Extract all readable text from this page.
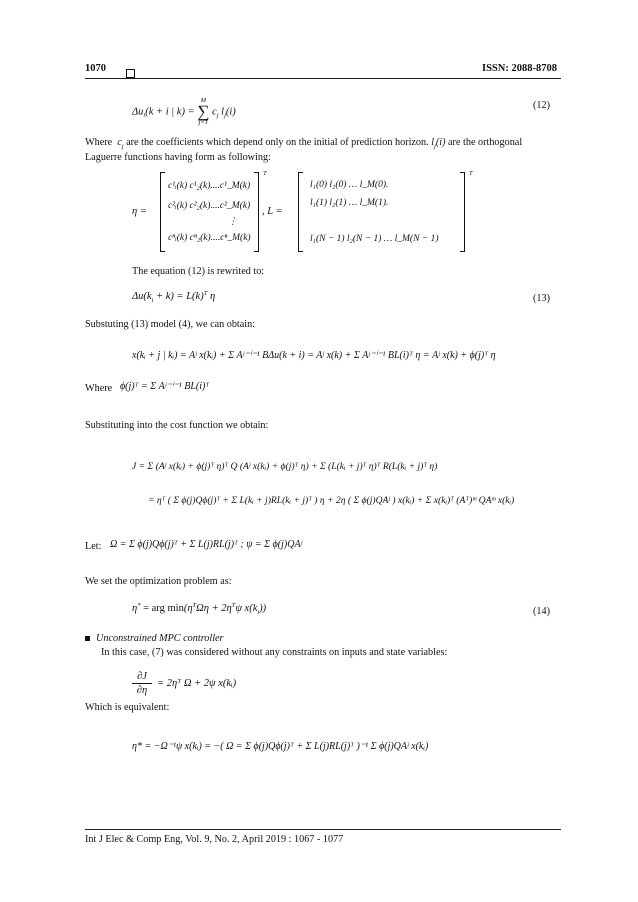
1070	ISSN: 2088-8708
$\Delta u_i(k + i$ | k) =
M
∑
j=1
$c_j$ $l_j(i)$
(12)
Where $c_j$ are the coefficients which depend only on the initial of prediction horizon. $l_j(i)$ are the orthogonal
Laguerre functions having form as following:
η =
c¹ᵢ(k) c¹₂(k)....c¹_M(k)
c²ᵢ(k) c²₂(k)....c²_M(k)
⋮
cⁿᵢ(k) cⁿ₂(k)....cⁿ_M(k)
T
, L =
l₁(0) l₂(0) … l_M(0).
l₁(1) l₂(1) … l_M(1).
l₁(N − 1) l₂(N − 1) … l_M(N − 1)
T
The equation (12) is rewrited to:
$\Delta u(k_i + k) = L(k)^T$ η	(13)
Substuting (13) model (4), we can obtain:
x(kᵢ + j | kᵢ) = Aʲ x(kᵢ) + Σ Aʲ⁻ⁱ⁻¹ BΔu(k + i) = Aʲ x(k) + Σ Aʲ⁻ⁱ⁻¹ BL(i)ᵀ η = Aʲ x(k) + ϕ(j)ᵀ η
Where ϕ(j)ᵀ = Σ Aʲ⁻ⁱ⁻¹ BL(i)ᵀ
Substituting into the cost function we obtain:
J = Σ (Aʲ x(kᵢ) + ϕ(j)ᵀ η)ᵀ Q (Aʲ x(kᵢ) + ϕ(j)ᵀ η) + Σ (L(kᵢ + j)ᵀ η)ᵀ R(L(kᵢ + j)ᵀ η)
= ηᵀ ( Σ ϕ(j)Qϕ(j)ᵀ + Σ L(kᵢ + j)RL(kᵢ + j)ᵀ ) η + 2η ( Σ ϕ(j)QAʲ ) x(kᵢ) + Σ x(kᵢ)ᵀ (Aᵀ)ᵐ QAᵐ x(kᵢ)
Let: Ω = Σ ϕ(j)Qϕ(j)ᵀ + Σ L(j)RL(j)ᵀ ; ψ = Σ ϕ(j)QAʲ
We set the optimization problem as:
η* = arg $\min(\eta^T\Omega\eta + 2\eta^T\psi$ $x(k_i)$)	(14)
Unconstrained MPC controller
In this case, (7) was considered without any constraints on inputs and state variables:
∂J
∂η
= 2ηᵀ Ω + 2ψ x(kᵢ)
Which is equivalent:
η* = −Ω⁻¹ψ x(kᵢ) = −( Ω = Σ ϕ(j)Qϕ(j)ᵀ + Σ L(j)RL(j)ᵀ )⁻¹ Σ ϕ(j)QAʲ x(kᵢ)
Int J Elec & Comp Eng, Vol. 9, No. 2, April 2019 : 1067 - 1077
